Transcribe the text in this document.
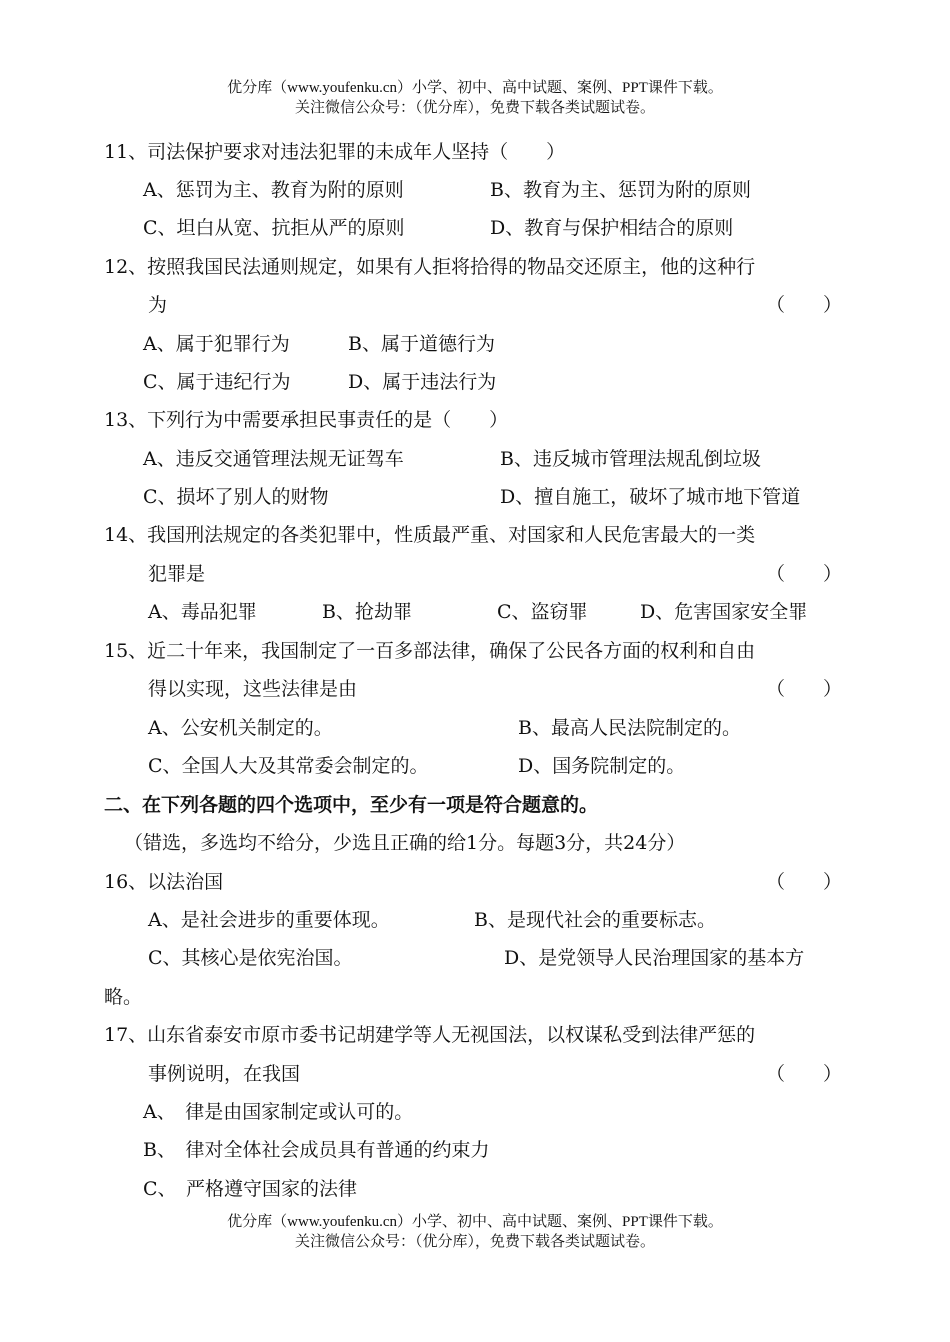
优分库（www.youfenku.cn）小学、初中、高中试题、案例、PPT课件下载。
关注微信公众号：（优分库），免费下载各类试题试卷。
11、司法保护要求对违法犯罪的未成年人坚持（　　）
A、惩罚为主、教育为附的原则	B、教育为主、惩罚为附的原则
C、坦白从宽、抗拒从严的原则	D、教育与保护相结合的原则
12、按照我国民法通则规定，如果有人拒将拾得的物品交还原主，他的这种行
为	（　　）
A、属于犯罪行为	B、属于道德行为
C、属于违纪行为	D、属于违法行为
13、下列行为中需要承担民事责任的是（　　）
A、违反交通管理法规无证驾车	B、违反城市管理法规乱倒垃圾
C、损坏了别人的财物	D、擅自施工，破坏了城市地下管道
14、我国刑法规定的各类犯罪中，性质最严重、对国家和人民危害最大的一类
犯罪是	（　　）
A、毒品犯罪	B、抢劫罪	C、盗窃罪	D、危害国家安全罪
15、近二十年来，我国制定了一百多部法律，确保了公民各方面的权利和自由
得以实现，这些法律是由	（　　）
A、公安机关制定的。	B、最高人民法院制定的。
C、全国人大及其常委会制定的。	D、国务院制定的。
二、在下列各题的四个选项中，至少有一项是符合题意的。
（错选，多选均不给分，少选且正确的给1分。每题3分，共24分）
16、以法治国	（　　）
A、是社会进步的重要体现。	B、是现代社会的重要标志。
C、其核心是依宪治国。	D、是党领导人民治理国家的基本方
略。
17、山东省泰安市原市委书记胡建学等人无视国法，以权谋私受到法律严惩的
事例说明，在我国	（　　）
A、　律是由国家制定或认可的。
B、　律对全体社会成员具有普通的约束力
C、　严格遵守国家的法律
优分库（www.youfenku.cn）小学、初中、高中试题、案例、PPT课件下载。
关注微信公众号：（优分库），免费下载各类试题试卷。
